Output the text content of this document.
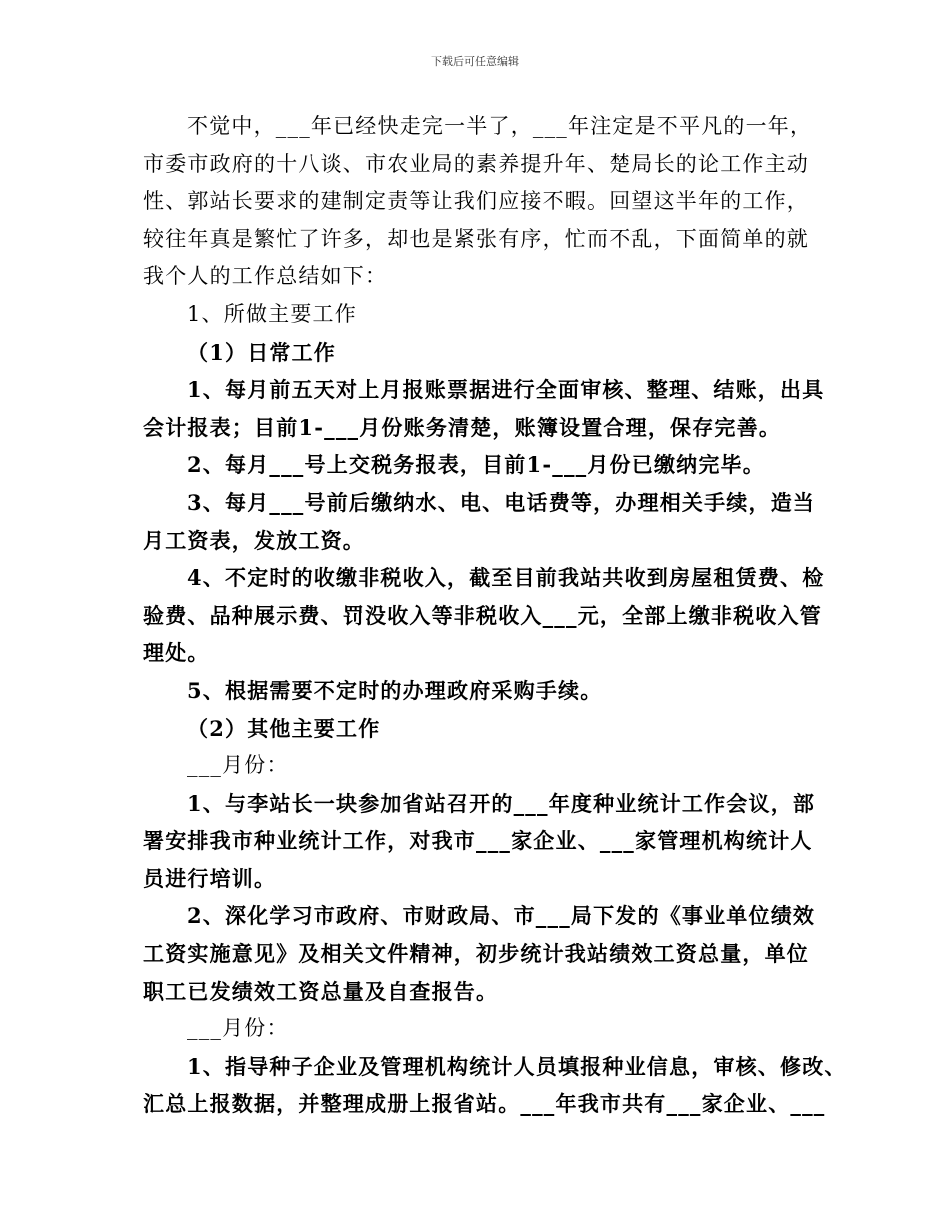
下载后可任意编辑
不觉中，___年已经快走完一半了，___年注定是不平凡的一年，
市委市政府的十八谈、市农业局的素养提升年、楚局长的论工作主动
性、郭站长要求的建制定责等让我们应接不暇。回望这半年的工作，
较往年真是繁忙了许多，却也是紧张有序，忙而不乱，下面简单的就
我个人的工作总结如下：
1、所做主要工作
（1）日常工作
1、每月前五天对上月报账票据进行全面审核、整理、结账，出具
会计报表；目前1-___月份账务清楚，账簿设置合理，保存完善。
2、每月___号上交税务报表，目前1-___月份已缴纳完毕。
3、每月___号前后缴纳水、电、电话费等，办理相关手续，造当
月工资表，发放工资。
4、不定时的收缴非税收入，截至目前我站共收到房屋租赁费、检
验费、品种展示费、罚没收入等非税收入___元，全部上缴非税收入管
理处。
5、根据需要不定时的办理政府采购手续。
（2）其他主要工作
___月份：
1、与李站长一块参加省站召开的___年度种业统计工作会议，部
署安排我市种业统计工作，对我市___家企业、___家管理机构统计人
员进行培训。
2、深化学习市政府、市财政局、市___局下发的《事业单位绩效
工资实施意见》及相关文件精神，初步统计我站绩效工资总量，单位
职工已发绩效工资总量及自查报告。
___月份：
1、指导种子企业及管理机构统计人员填报种业信息，审核、修改、
汇总上报数据，并整理成册上报省站。___年我市共有___家企业、___
